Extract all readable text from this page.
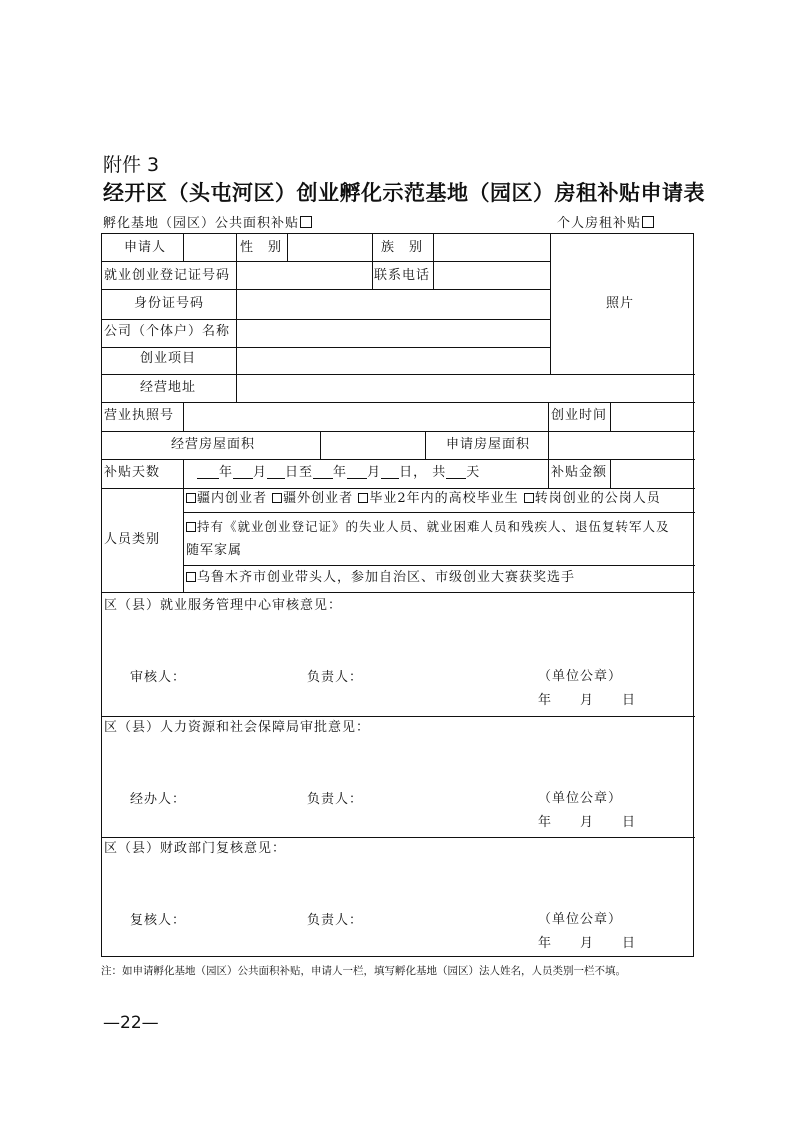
附件 3
经开区（头屯河区）创业孵化示范基地（园区）房租补贴申请表
孵化基地（园区）公共面积补贴	个人房租补贴
申请人	性　别	族　别
就业创业登记证号码	联系电话
照片
身份证号码
公司（个体户）名称
创业项目
经营地址
营业执照号	创业时间
经营房屋面积	申请房屋面积
补贴天数	年 月 日至 年 月 日， 共 天	补贴金额
人员类别
疆内创业者 疆外创业者 毕业2年内的高校毕业生 转岗创业的公岗人员
持有《就业创业登记证》的失业人员、就业困难人员和残疾人、退伍复转军人及
随军家属
乌鲁木齐市创业带头人，参加自治区、市级创业大赛获奖选手
区（县）就业服务管理中心审核意见：
审核人：	负责人：	（单位公章）
年　　月　　日
区（县）人力资源和社会保障局审批意见：
经办人：	负责人：	（单位公章）
年　　月　　日
区（县）财政部门复核意见：
复核人：	负责人：	（单位公章）
年　　月　　日
注：如申请孵化基地（园区）公共面积补贴，申请人一栏，填写孵化基地（园区）法人姓名，人员类别一栏不填。
—22—
